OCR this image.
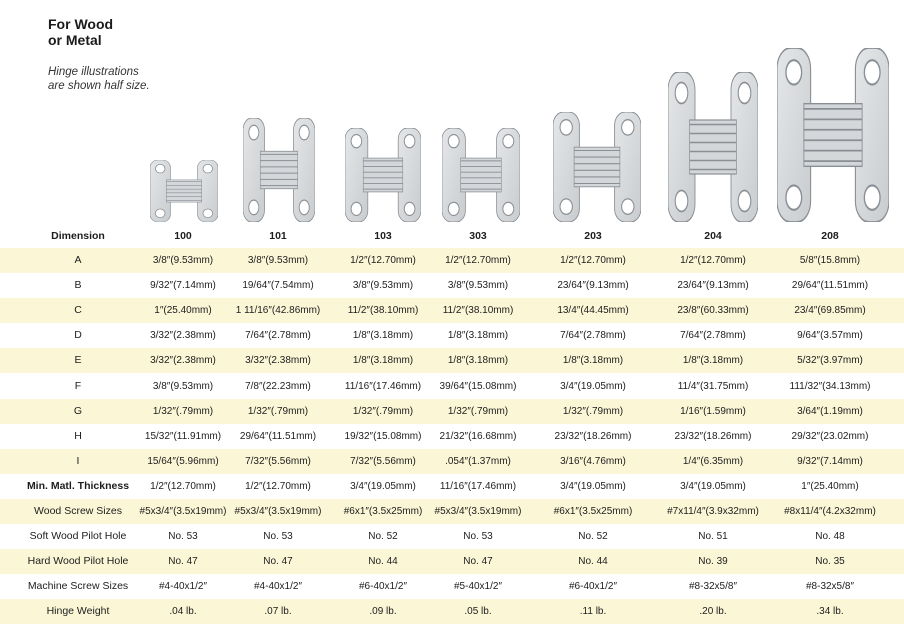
For Wood
or Metal
Hinge illustrations
are shown half size.
Dimension	100	101	103	303	203	204	208
A	3/8″(9.53mm)	3/8″(9.53mm)	1/2″(12.70mm)	1/2″(12.70mm)	1/2″(12.70mm)	1/2″(12.70mm)	5/8″(15.8mm)
B	9/32″(7.14mm)	19/64″(7.54mm)	3/8″(9.53mm)	3/8″(9.53mm)	23/64″(9.13mm)	23/64″(9.13mm)	29/64″(11.51mm)
C	1″(25.40mm)	1 11/16″(42.86mm)	11/2″(38.10mm)	11/2″(38.10mm)	13/4″(44.45mm)	23/8″(60.33mm)	23/4″(69.85mm)
D	3/32″(2.38mm)	7/64″(2.78mm)	1/8″(3.18mm)	1/8″(3.18mm)	7/64″(2.78mm)	7/64″(2.78mm)	9/64″(3.57mm)
E	3/32″(2.38mm)	3/32″(2.38mm)	1/8″(3.18mm)	1/8″(3.18mm)	1/8″(3.18mm)	1/8″(3.18mm)	5/32″(3.97mm)
F	3/8″(9.53mm)	7/8″(22.23mm)	11/16″(17.46mm)	39/64″(15.08mm)	3/4″(19.05mm)	11/4″(31.75mm)	111/32″(34.13mm)
G	1/32″(.79mm)	1/32″(.79mm)	1/32″(.79mm)	1/32″(.79mm)	1/32″(.79mm)	1/16″(1.59mm)	3/64″(1.19mm)
H	15/32″(11.91mm)	29/64″(11.51mm)	19/32″(15.08mm)	21/32″(16.68mm)	23/32″(18.26mm)	23/32″(18.26mm)	29/32″(23.02mm)
I	15/64″(5.96mm)	7/32″(5.56mm)	7/32″(5.56mm)	.054″(1.37mm)	3/16″(4.76mm)	1/4″(6.35mm)	9/32″(7.14mm)
Min. Matl. Thickness	1/2″(12.70mm)	1/2″(12.70mm)	3/4″(19.05mm)	11/16″(17.46mm)	3/4″(19.05mm)	3/4″(19.05mm)	1″(25.40mm)
Wood Screw Sizes	#5x3/4″(3.5x19mm) #5x3/4″(3.5x19mm)	#6x1″(3.5x25mm)	#5x3/4″(3.5x19mm)	#6x1″(3.5x25mm)	#7x11/4″(3.9x32mm)	#8x11/4″(4.2x32mm)
Soft Wood Pilot Hole	No. 53	No. 53	No. 52	No. 53	No. 52	No. 51	No. 48
Hard Wood Pilot Hole	No. 47	No. 47	No. 44	No. 47	No. 44	No. 39	No. 35
Machine Screw Sizes	#4-40x1/2″	#4-40x1/2″	#6-40x1/2″	#5-40x1/2″	#6-40x1/2″	#8-32x5/8″	#8-32x5/8″
Hinge Weight	.04 lb.	.07 lb.	.09 lb.	.05 lb.	.11 lb.	.20 lb.	.34 lb.
